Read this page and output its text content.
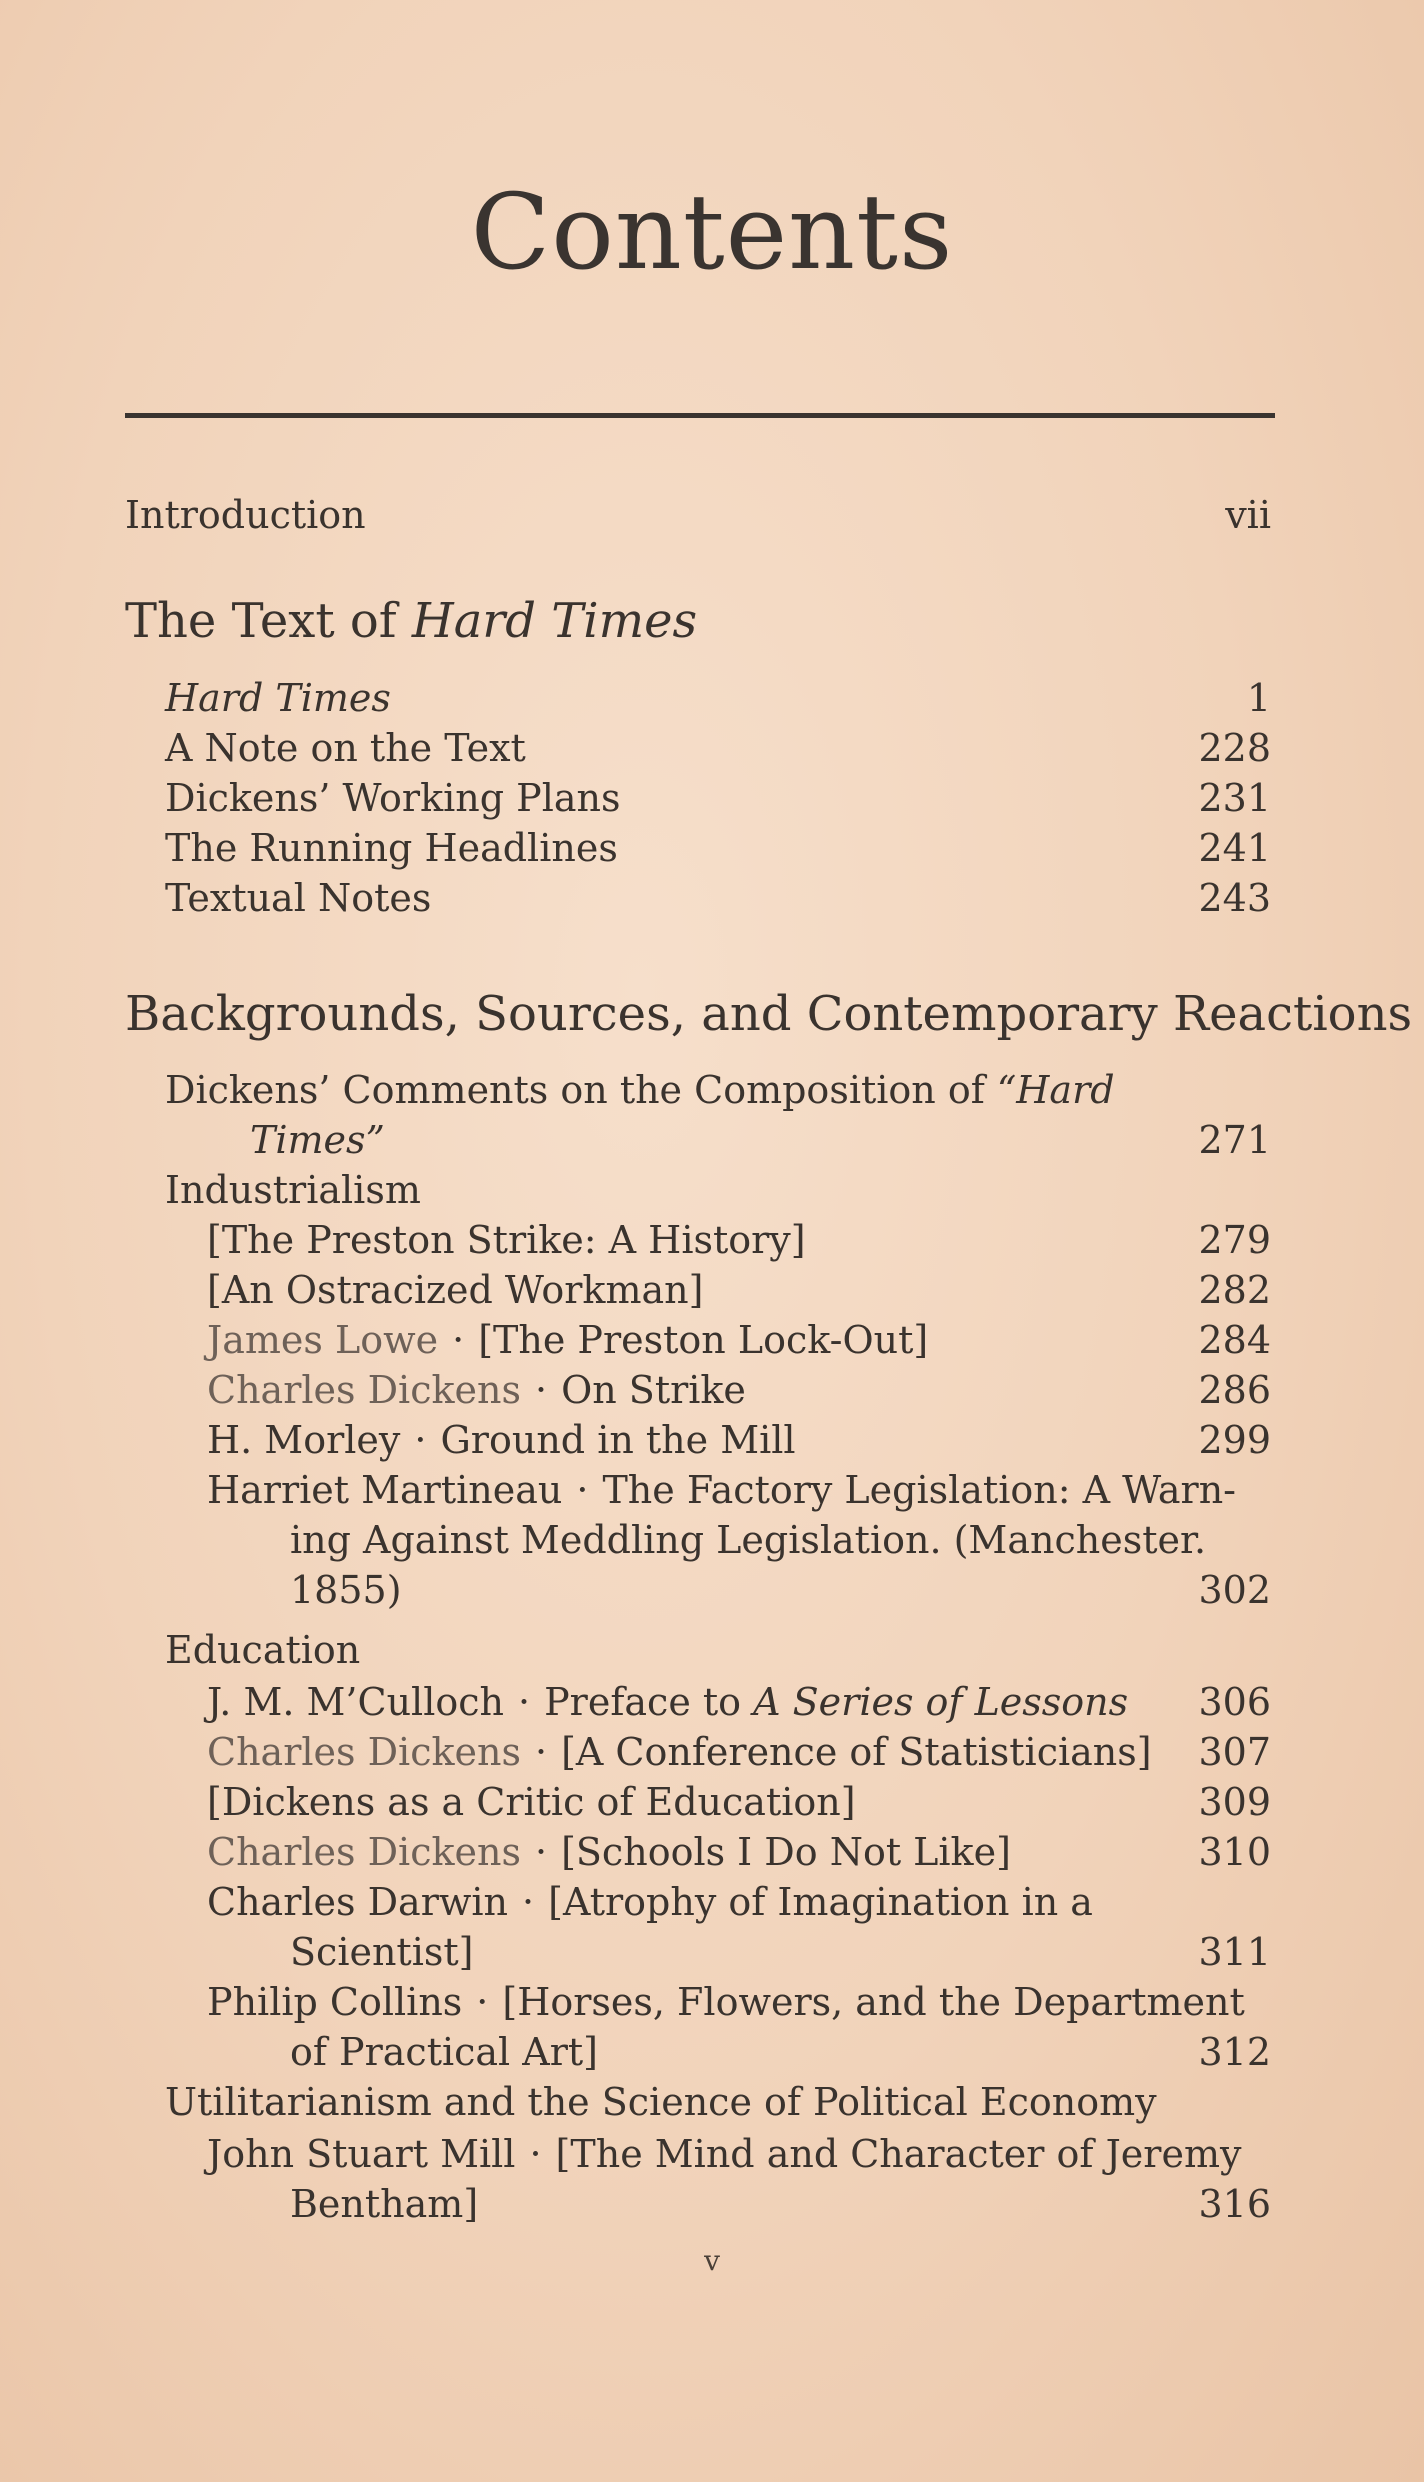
Contents
Introduction	vii
The Text of Hard Times
Hard Times	1
A Note on the Text	228
Dickens’ Working Plans	231
The Running Headlines	241
Textual Notes	243
Backgrounds, Sources, and Contemporary Reactions
Dickens’ Comments on the Composition of “Hard
Times”	271
Industrialism
[The Preston Strike: A History]	279
[An Ostracized Workman]	282
James Lowe · [The Preston Lock-Out]	284
Charles Dickens · On Strike	286
H. Morley · Ground in the Mill	299
Harriet Martineau · The Factory Legislation: A Warn-
ing Against Meddling Legislation. (Manchester.
1855)	302
Education
J. M. M’Culloch · Preface to A Series of Lessons 306
Charles Dickens · [A Conference of Statisticians] 307
[Dickens as a Critic of Education]	309
Charles Dickens · [Schools I Do Not Like]	310
Charles Darwin · [Atrophy of Imagination in a
Scientist]	311
Philip Collins · [Horses, Flowers, and the Department
of Practical Art]	312
Utilitarianism and the Science of Political Economy
John Stuart Mill · [The Mind and Character of Jeremy
Bentham]	316
v
